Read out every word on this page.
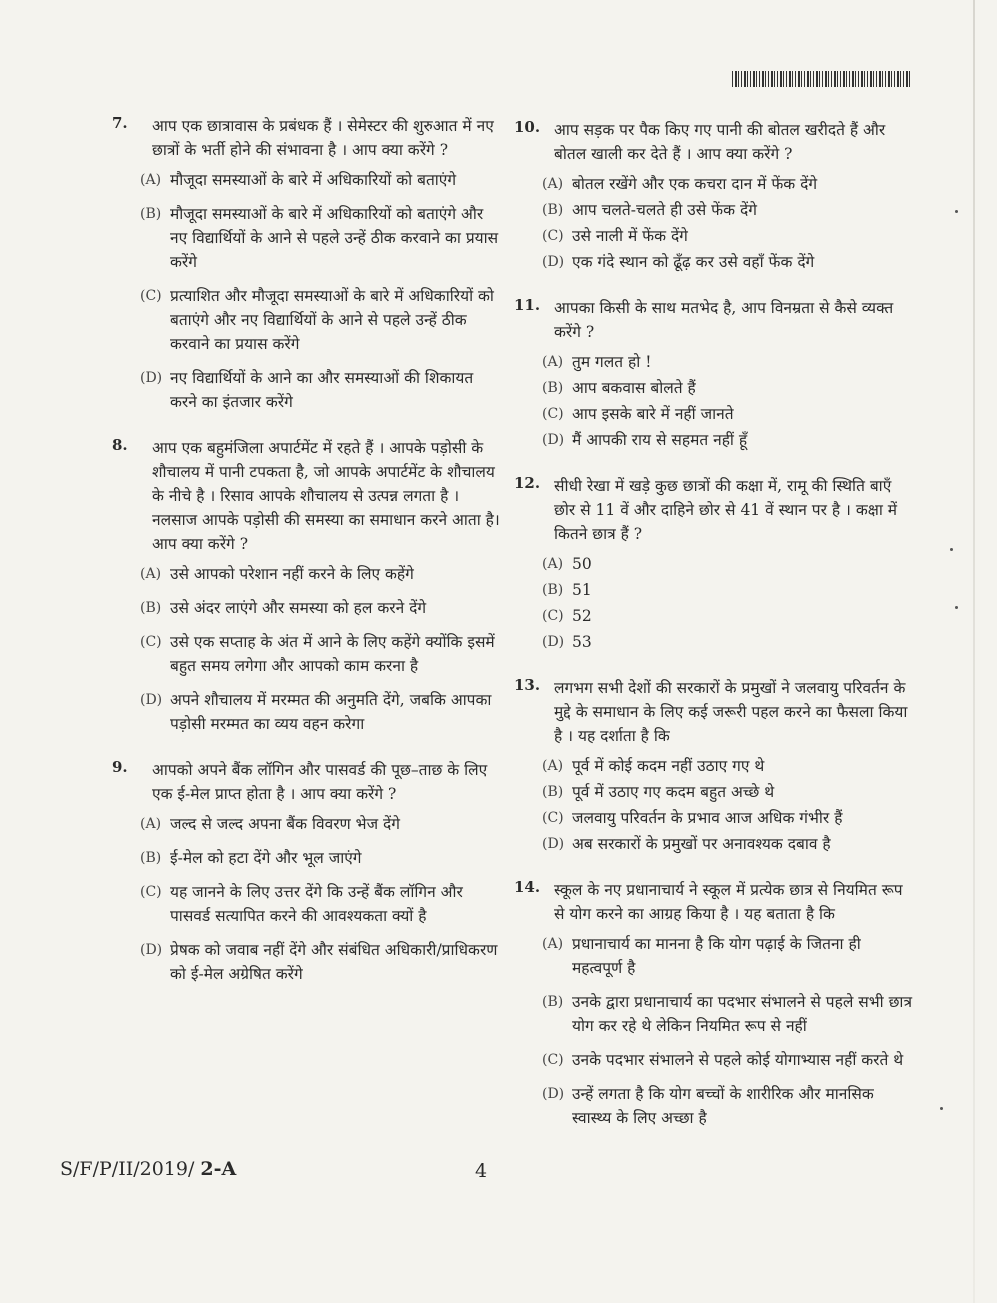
7. आप एक छात्रावास के प्रबंधक हैं । सेमेस्टर की शुरुआत में नए छात्रों के भर्ती होने की संभावना है । आप क्या करेंगे ?
(A) मौजूदा समस्याओं के बारे में अधिकारियों को बताएंगे
(B) मौजूदा समस्याओं के बारे में अधिकारियों को बताएंगे और नए विद्यार्थियों के आने से पहले उन्हें ठीक करवाने का प्रयास करेंगे
(C) प्रत्याशित और मौजूदा समस्याओं के बारे में अधिकारियों को बताएंगे और नए विद्यार्थियों के आने से पहले उन्हें ठीक करवाने का प्रयास करेंगे
(D) नए विद्यार्थियों के आने का और समस्याओं की शिकायत करने का इंतजार करेंगे
8. आप एक बहुमंजिला अपार्टमेंट में रहते हैं । आपके पड़ोसी के शौचालय में पानी टपकता है, जो आपके अपार्टमेंट के शौचालय के नीचे है । रिसाव आपके शौचालय से उत्पन्न लगता है । नलसाज आपके पड़ोसी की समस्या का समाधान करने आता है। आप क्या करेंगे ?
(A) उसे आपको परेशान नहीं करने के लिए कहेंगे
(B) उसे अंदर लाएंगे और समस्या को हल करने देंगे
(C) उसे एक सप्ताह के अंत में आने के लिए कहेंगे क्योंकि इसमें बहुत समय लगेगा और आपको काम करना है
(D) अपने शौचालय में मरम्मत की अनुमति देंगे, जबकि आपका पड़ोसी मरम्मत का व्यय वहन करेगा
9. आपको अपने बैंक लॉगिन और पासवर्ड की पूछ–ताछ के लिए एक ई-मेल प्राप्त होता है । आप क्या करेंगे ?
(A) जल्द से जल्द अपना बैंक विवरण भेज देंगे
(B) ई-मेल को हटा देंगे और भूल जाएंगे
(C) यह जानने के लिए उत्तर देंगे कि उन्हें बैंक लॉगिन और पासवर्ड सत्यापित करने की आवश्यकता क्यों है
(D) प्रेषक को जवाब नहीं देंगे और संबंधित अधिकारी/प्राधिकरण को ई-मेल अग्रेषित करेंगे
10. आप सड़क पर पैक किए गए पानी की बोतल खरीदते हैं और बोतल खाली कर देते हैं । आप क्या करेंगे ?
(A) बोतल रखेंगे और एक कचरा दान में फेंक देंगे
(B) आप चलते-चलते ही उसे फेंक देंगे
(C) उसे नाली में फेंक देंगे
(D) एक गंदे स्थान को ढूँढ़ कर उसे वहाँ फेंक देंगे
11. आपका किसी के साथ मतभेद है, आप विनम्रता से कैसे व्यक्त करेंगे ?
(A) तुम गलत हो !
(B) आप बकवास बोलते हैं
(C) आप इसके बारे में नहीं जानते
(D) मैं आपकी राय से सहमत नहीं हूँ
12. सीधी रेखा में खड़े कुछ छात्रों की कक्षा में, रामू की स्थिति बाएँ छोर से 11 वें और दाहिने छोर से 41 वें स्थान पर है । कक्षा में कितने छात्र हैं ?
(A) 50
(B) 51
(C) 52
(D) 53
13. लगभग सभी देशों की सरकारों के प्रमुखों ने जलवायु परिवर्तन के मुद्दे के समाधान के लिए कई जरूरी पहल करने का फैसला किया है । यह दर्शाता है कि
(A) पूर्व में कोई कदम नहीं उठाए गए थे
(B) पूर्व में उठाए गए कदम बहुत अच्छे थे
(C) जलवायु परिवर्तन के प्रभाव आज अधिक गंभीर हैं
(D) अब सरकारों के प्रमुखों पर अनावश्यक दबाव है
14. स्कूल के नए प्रधानाचार्य ने स्कूल में प्रत्येक छात्र से नियमित रूप से योग करने का आग्रह किया है । यह बताता है कि
(A) प्रधानाचार्य का मानना है कि योग पढ़ाई के जितना ही महत्वपूर्ण है
(B) उनके द्वारा प्रधानाचार्य का पदभार संभालने से पहले सभी छात्र योग कर रहे थे लेकिन नियमित रूप से नहीं
(C) उनके पदभार संभालने से पहले कोई योगाभ्यास नहीं करते थे
(D) उन्हें लगता है कि योग बच्चों के शारीरिक और मानसिक स्वास्थ्य के लिए अच्छा है
S/F/P/II/2019/ 2-A	4
